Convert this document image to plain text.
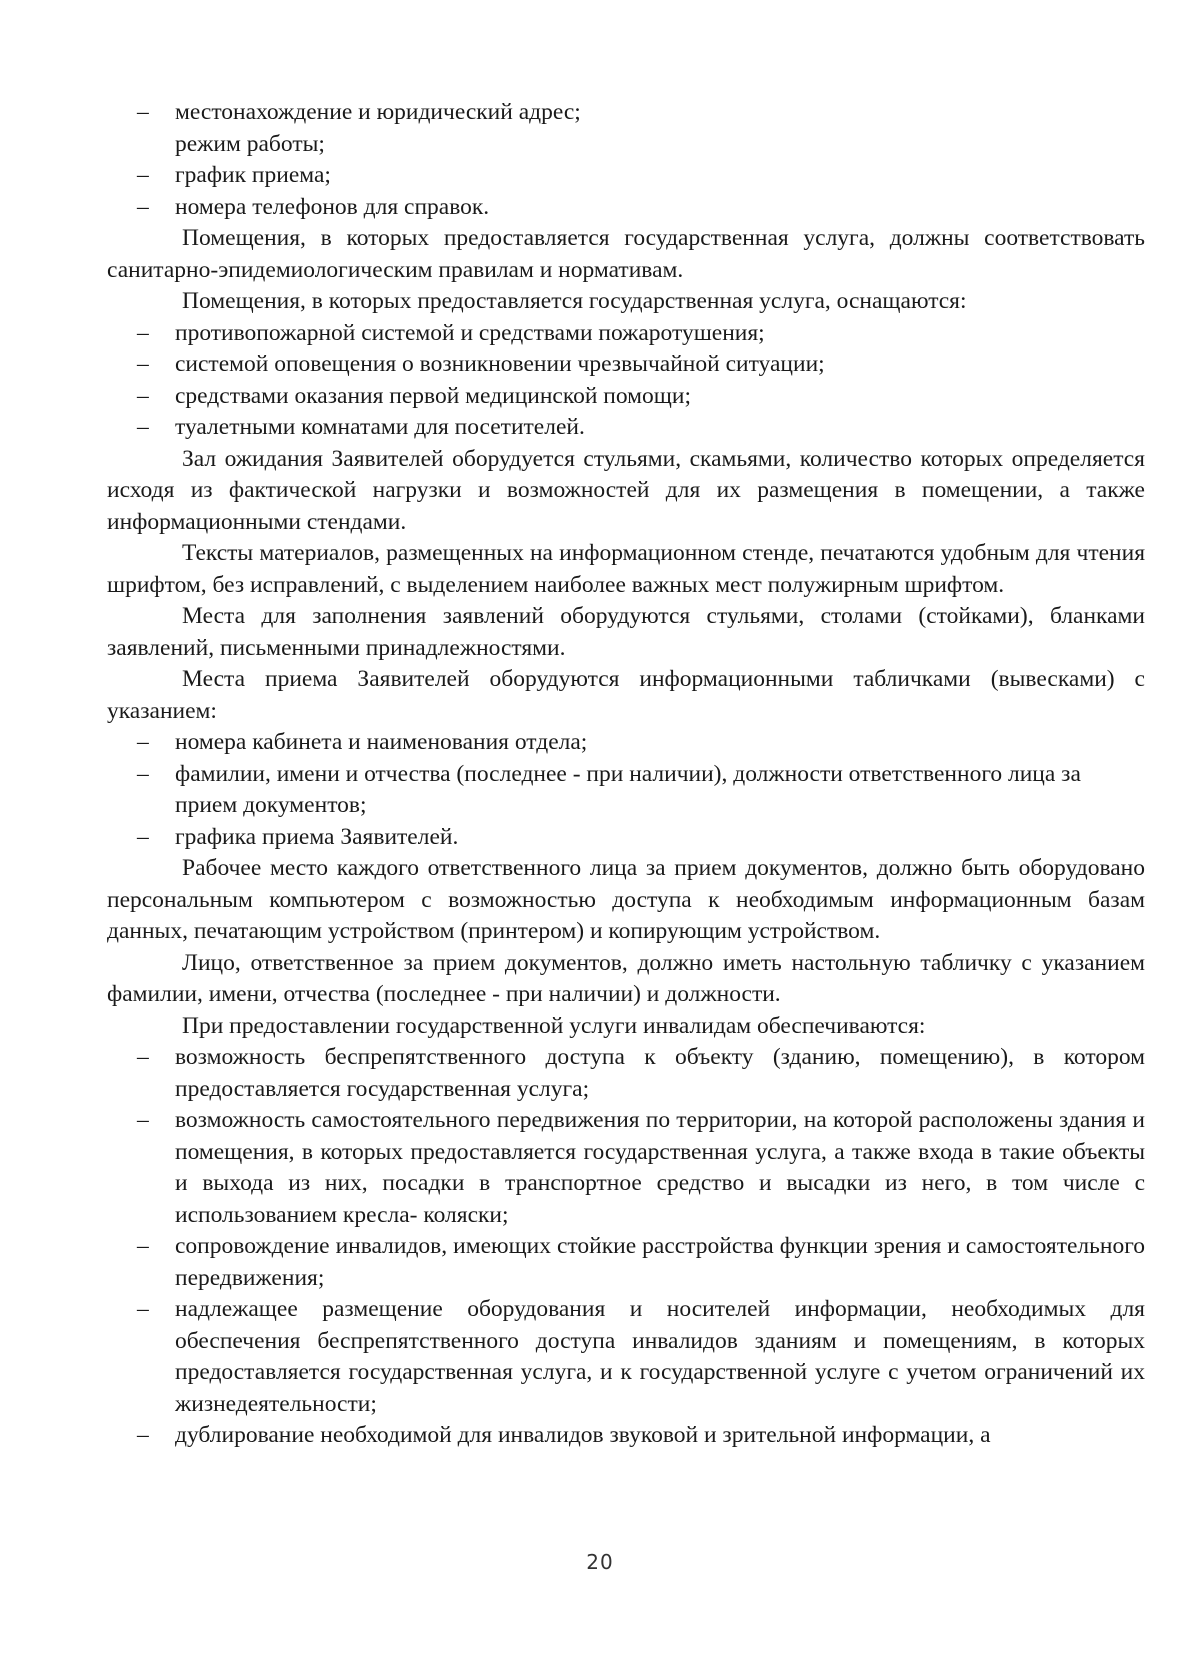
– местонахождение и юридический адрес;
режим работы;
– график приема;
– номера телефонов для справок.

Помещения, в которых предоставляется государственная услуга, должны соответствовать санитарно-эпидемиологическим правилам и нормативам.

Помещения, в которых предоставляется государственная услуга, оснащаются:

– противопожарной системой и средствами пожаротушения;
– системой оповещения о возникновении чрезвычайной ситуации;
– средствами оказания первой медицинской помощи;
– туалетными комнатами для посетителей.

Зал ожидания Заявителей оборудуется стульями, скамьями, количество которых определяется исходя из фактической нагрузки и возможностей для их размещения в помещении, а также информационными стендами.

Тексты материалов, размещенных на информационном стенде, печатаются удобным для чтения шрифтом, без исправлений, с выделением наиболее важных мест полужирным шрифтом.

Места для заполнения заявлений оборудуются стульями, столами (стойками), бланками заявлений, письменными принадлежностями.

Места приема Заявителей оборудуются информационными табличками (вывесками) с указанием:

– номера кабинета и наименования отдела;
– фамилии, имени и отчества (последнее - при наличии), должности ответственного лица за прием документов;
– графика приема Заявителей.

Рабочее место каждого ответственного лица за прием документов, должно быть оборудовано персональным компьютером с возможностью доступа к необходимым информационным базам данных, печатающим устройством (принтером) и копирующим устройством.

Лицо, ответственное за прием документов, должно иметь настольную табличку с указанием фамилии, имени, отчества (последнее - при наличии) и должности.

При предоставлении государственной услуги инвалидам обеспечиваются:

– возможность беспрепятственного доступа к объекту (зданию, помещению), в котором предоставляется государственная услуга;
– возможность самостоятельного передвижения по территории, на которой расположены здания и помещения, в которых предоставляется государственная услуга, а также входа в такие объекты и выхода из них, посадки в транспортное средство и высадки из него, в том числе с использованием кресла- коляски;
– сопровождение инвалидов, имеющих стойкие расстройства функции зрения и самостоятельного передвижения;
– надлежащее размещение оборудования и носителей информации, необходимых для обеспечения беспрепятственного доступа инвалидов зданиям и помещениям, в которых предоставляется государственная услуга, и к государственной услуге с учетом ограничений их жизнедеятельности;
– дублирование необходимой для инвалидов звуковой и зрительной информации, а
20
